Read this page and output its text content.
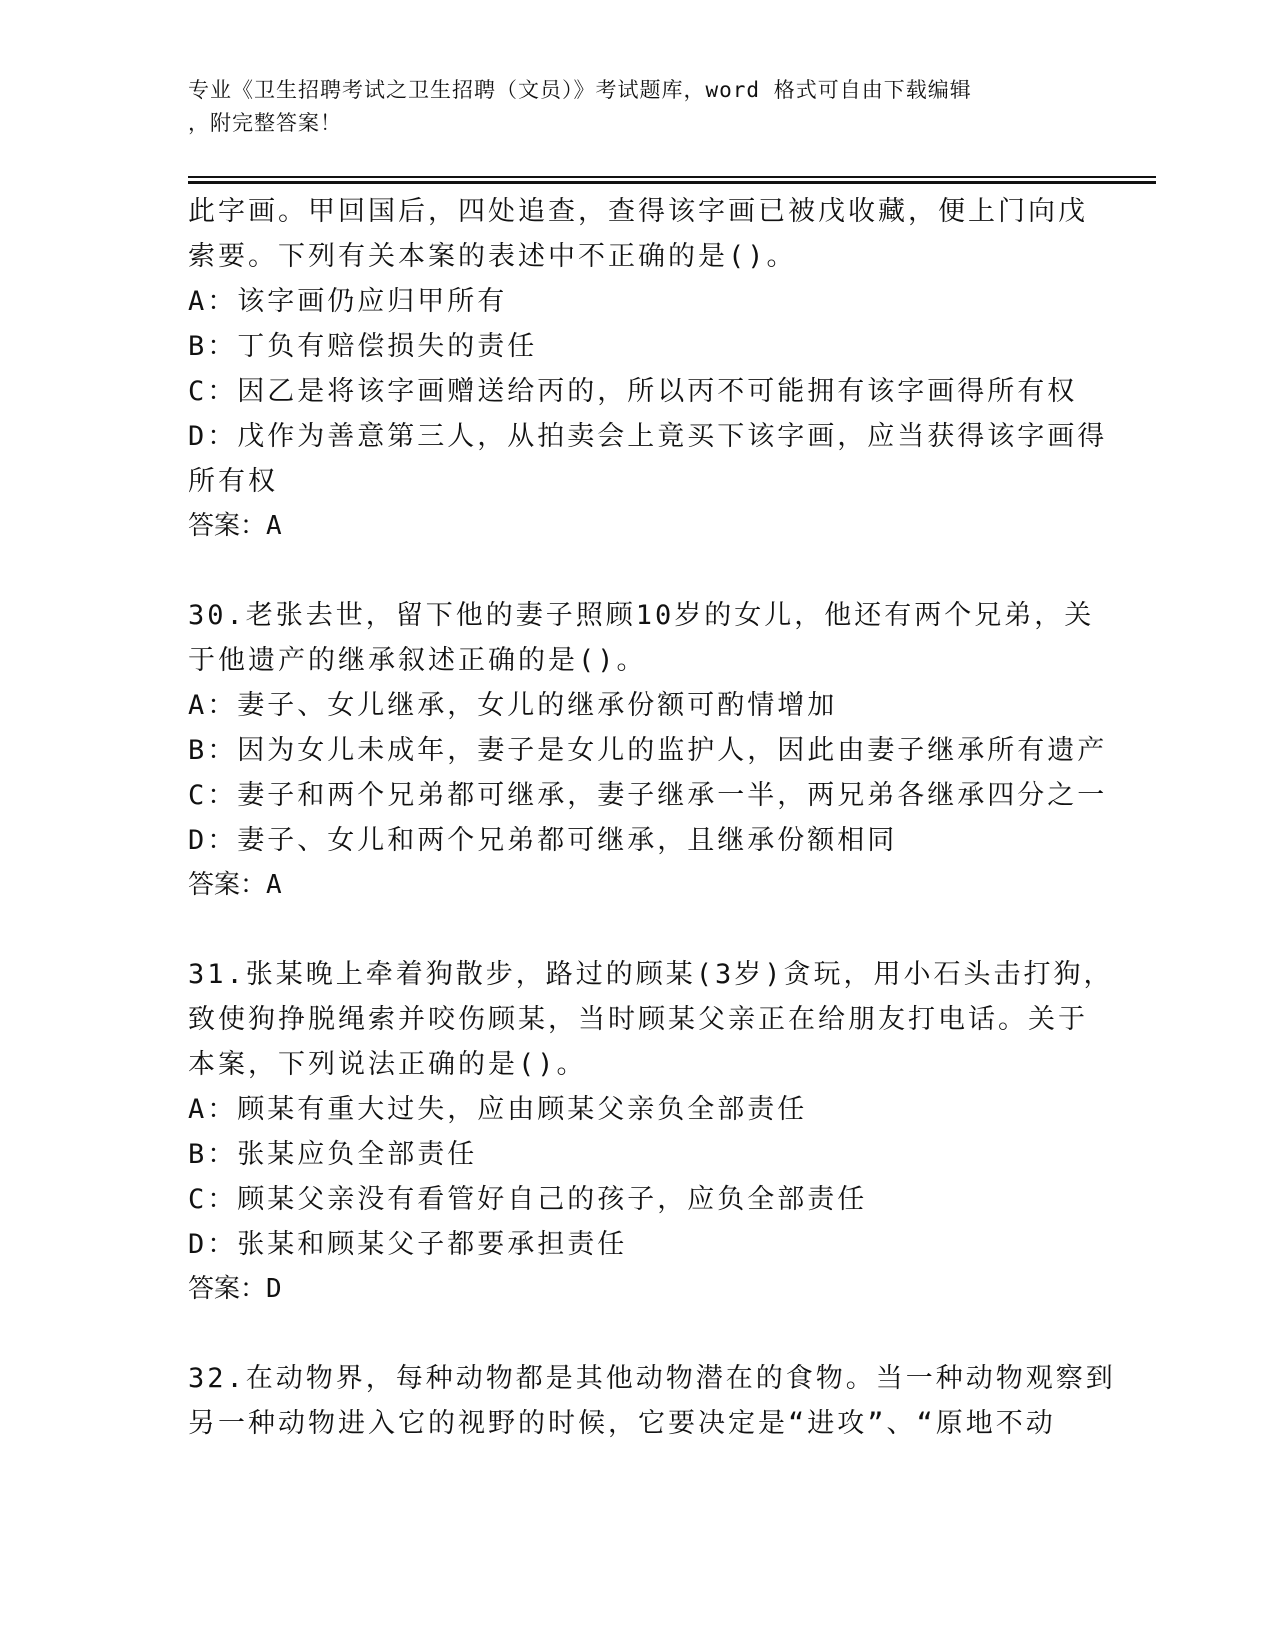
专业《卫生招聘考试之卫生招聘（文员）》考试题库，word 格式可自由下载编辑
，附完整答案！
此字画。甲回国后，四处追查，查得该字画已被戊收藏，便上门向戊
索要。下列有关本案的表述中不正确的是()。
A：该字画仍应归甲所有
B：丁负有赔偿损失的责任
C：因乙是将该字画赠送给丙的，所以丙不可能拥有该字画得所有权
D：戊作为善意第三人，从拍卖会上竟买下该字画，应当获得该字画得
所有权
答案：A
30.老张去世，留下他的妻子照顾10岁的女儿，他还有两个兄弟，关
于他遗产的继承叙述正确的是()。
A：妻子、女儿继承，女儿的继承份额可酌情增加
B：因为女儿未成年，妻子是女儿的监护人，因此由妻子继承所有遗产
C：妻子和两个兄弟都可继承，妻子继承一半，两兄弟各继承四分之一
D：妻子、女儿和两个兄弟都可继承，且继承份额相同
答案：A
31.张某晚上牵着狗散步，路过的顾某(3岁)贪玩，用小石头击打狗，
致使狗挣脱绳索并咬伤顾某，当时顾某父亲正在给朋友打电话。关于
本案，下列说法正确的是()。
A：顾某有重大过失，应由顾某父亲负全部责任
B：张某应负全部责任
C：顾某父亲没有看管好自己的孩子，应负全部责任
D：张某和顾某父子都要承担责任
答案：D
32.在动物界，每种动物都是其他动物潜在的食物。当一种动物观察到
另一种动物进入它的视野的时候，它要决定是“进攻”、“原地不动
